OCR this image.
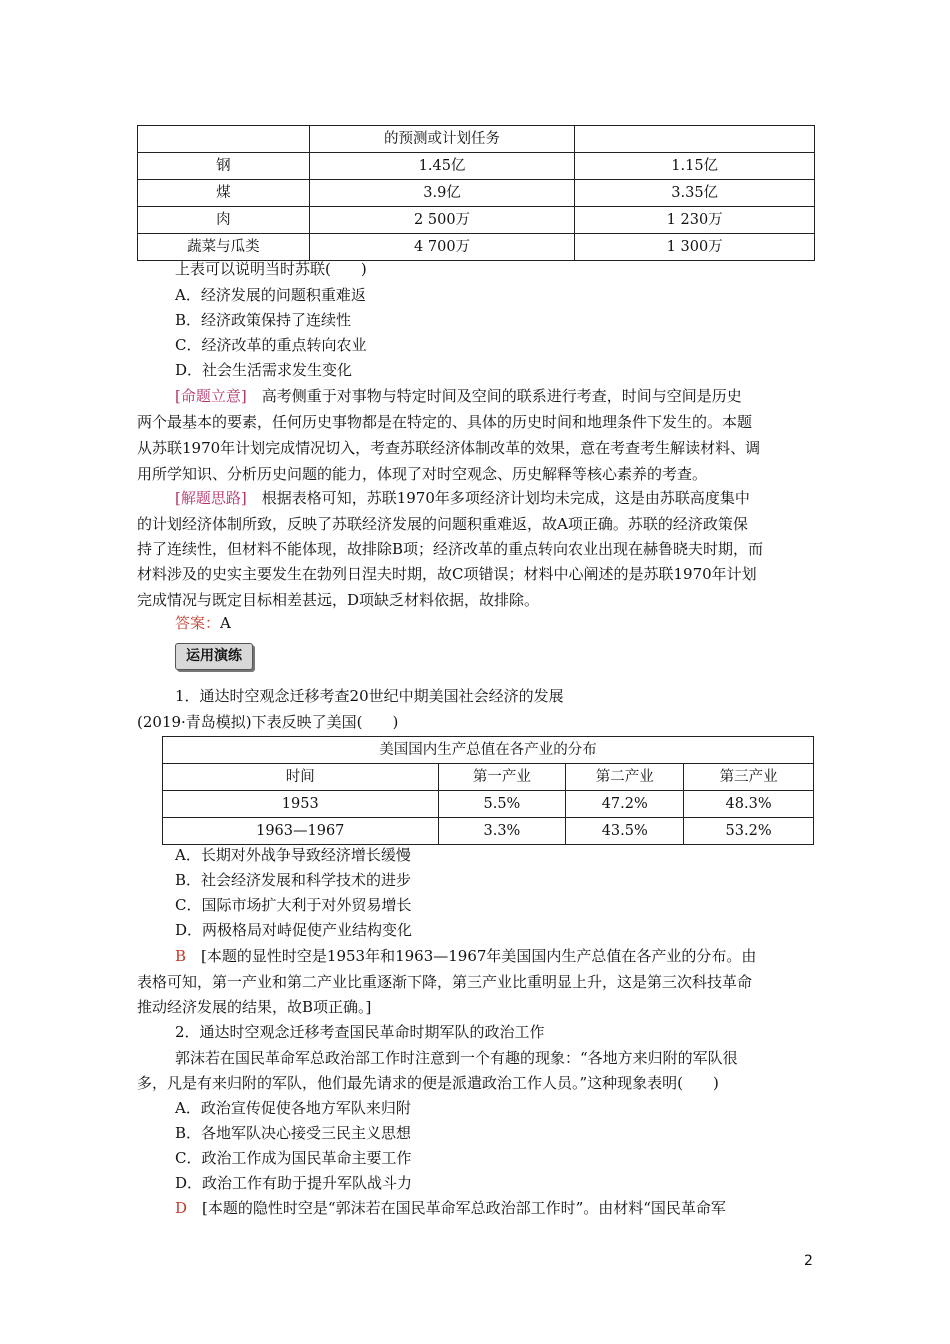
	的预测或计划任务	
钢	1.45亿	1.15亿
煤	3.9亿	3.35亿
肉	2 500万	1 230万
蔬菜与瓜类	4 700万	1 300万
上表可以说明当时苏联(　　)
A．经济发展的问题积重难返
B．经济政策保持了连续性
C．经济改革的重点转向农业
D．社会生活需求发生变化
[命题立意]　高考侧重于对事物与特定时间及空间的联系进行考查，时间与空间是历史
两个最基本的要素，任何历史事物都是在特定的、具体的历史时间和地理条件下发生的。本题
从苏联1970年计划完成情况切入，考查苏联经济体制改革的效果，意在考查考生解读材料、调
用所学知识、分析历史问题的能力，体现了对时空观念、历史解释等核心素养的考查。
[解题思路]　根据表格可知，苏联1970年多项经济计划均未完成，这是由苏联高度集中
的计划经济体制所致，反映了苏联经济发展的问题积重难返，故A项正确。苏联的经济政策保
持了连续性，但材料不能体现，故排除B项；经济改革的重点转向农业出现在赫鲁晓夫时期，而
材料涉及的史实主要发生在勃列日涅夫时期，故C项错误；材料中心阐述的是苏联1970年计划
完成情况与既定目标相差甚远，D项缺乏材料依据，故排除。
答案：A
运用演练
1．通达时空观念迁移考查20世纪中期美国社会经济的发展
(2019·青岛模拟)下表反映了美国(　　)
美国国内生产总值在各产业的分布			
时间	第一产业	第二产业	第三产业
1953	5.5%	47.2%	48.3%
1963—1967	3.3%	43.5%	53.2%
A．长期对外战争导致经济增长缓慢
B．社会经济发展和科学技术的进步
C．国际市场扩大利于对外贸易增长
D．两极格局对峙促使产业结构变化
B　 [本题的显性时空是1953年和1963—1967年美国国内生产总值在各产业的分布。由
表格可知，第一产业和第二产业比重逐渐下降，第三产业比重明显上升，这是第三次科技革命
推动经济发展的结果，故B项正确。]
2．通达时空观念迁移考查国民革命时期军队的政治工作
郭沫若在国民革命军总政治部工作时注意到一个有趣的现象：“各地方来归附的军队很
多，凡是有来归附的军队，他们最先请求的便是派遣政治工作人员。”这种现象表明(　　)
A．政治宣传促使各地方军队来归附
B．各地军队决心接受三民主义思想
C．政治工作成为国民革命主要工作
D．政治工作有助于提升军队战斗力
D　 [本题的隐性时空是“郭沫若在国民革命军总政治部工作时”。由材料“国民革命军
2
